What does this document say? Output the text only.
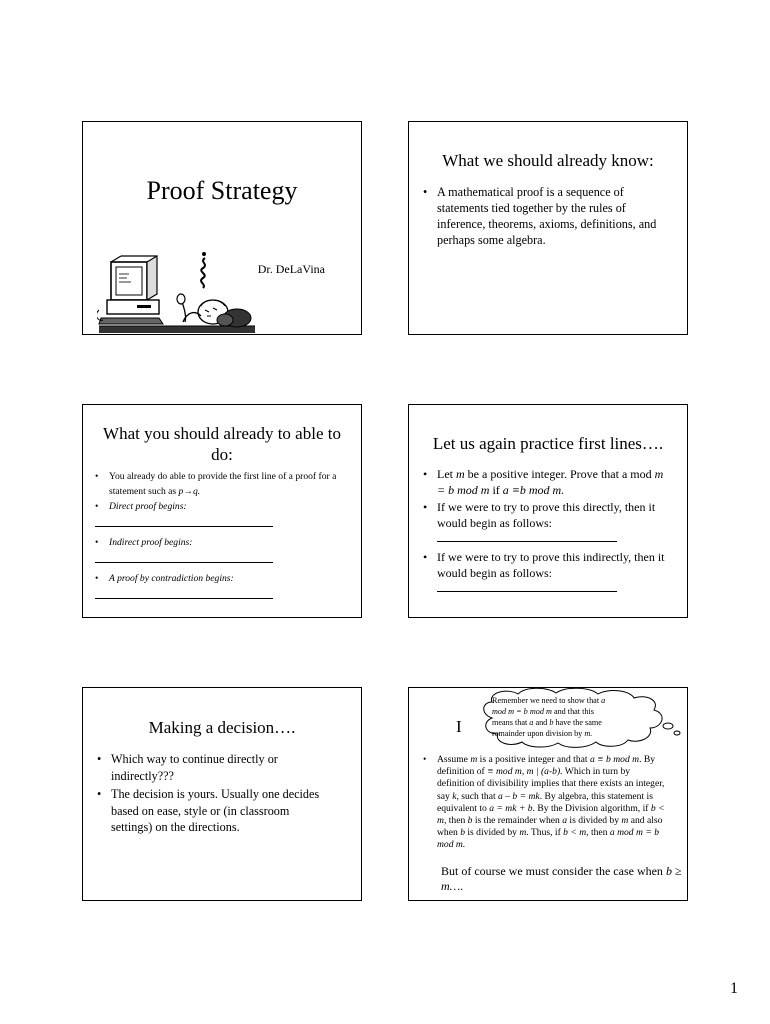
Proof Strategy
Dr. DeLaVina
What we should already know:
• A mathematical proof is a sequence of statements tied together by the rules of inference, theorems, axioms, definitions, and perhaps some algebra.
What you should already to able to do:
• You already do able to provide the first line of a proof for a statement such as p→q.
• Direct proof begins:
• Indirect proof begins:
• A proof by contradiction begins:
Let us again practice first lines….
• Let m be a positive integer. Prove that a mod m = b mod m if a ≡b mod m.
• If we were to try to prove this directly, then it would begin as follows:
• If we were to try to prove this indirectly, then it would begin as follows:
Making a decision….
• Which way to continue directly or indirectly???
• The decision is yours. Usually one decides based on ease, style or (in classroom settings) on the directions.
• Assume m is a positive integer and that a ≡ b mod m. By definition of ≡ mod m, m | (a-b). Which in turn by definition of divisibility implies that there exists an integer, say k, such that a – b = mk. By algebra, this statement is equivalent to a = mk + b. By the Division algorithm, if b < m, then b is the remainder when a is divided by m and also when b is divided by m. Thus, if b < m, then a mod m = b mod m.
But of course we must consider the case when b ≥ m….
I
Remember we need to show that a
mod m = b mod m and that this
means that a and b have the same
remainder upon division by m.
1
